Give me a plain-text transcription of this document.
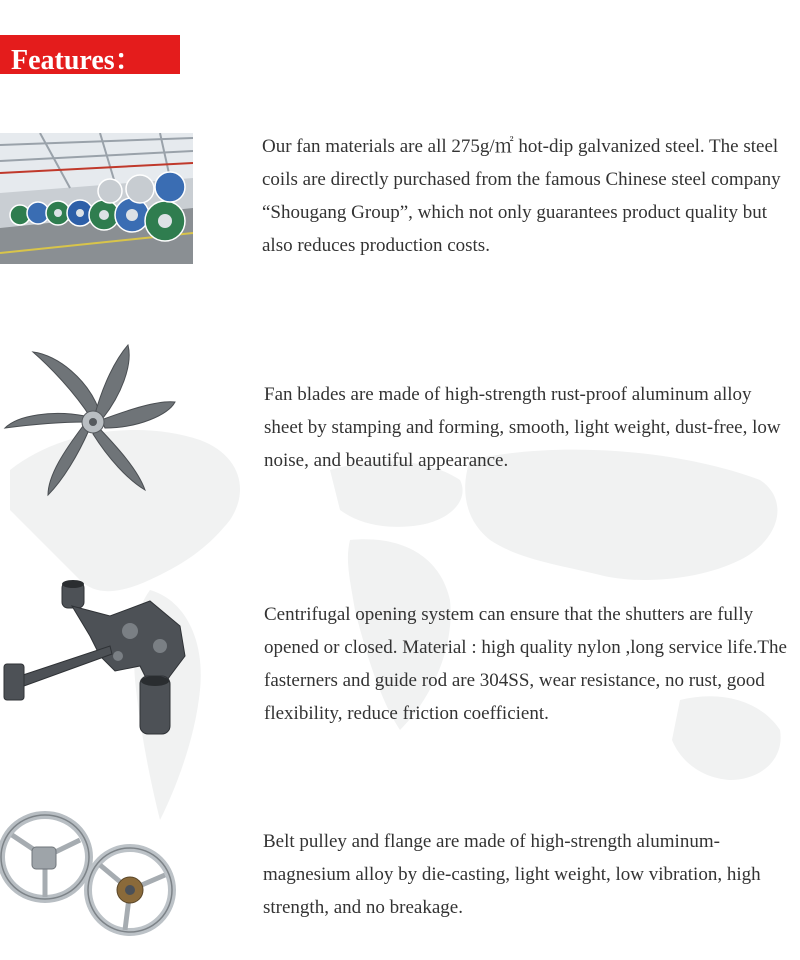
Features：
Our fan materials are all 275g/㎡ hot-dip galvanized steel. The steel coils are directly purchased from the famous Chinese steel company “Shougang Group”, which not only guarantees product quality but also reduces production costs.
Fan blades are made of high-strength rust-proof aluminum alloy sheet by stamping and forming, smooth, light weight, dust-free, low noise, and beautiful appearance.
Centrifugal opening system can ensure that the shutters are fully opened or closed. Material : high quality nylon ,long service life.The fasterners and guide rod are 304SS, wear resistance, no rust, good flexibility, reduce friction coefficient.
Belt pulley and flange are made of high-strength aluminum-magnesium alloy by die-casting, light weight, low vibration, high strength, and no breakage.
